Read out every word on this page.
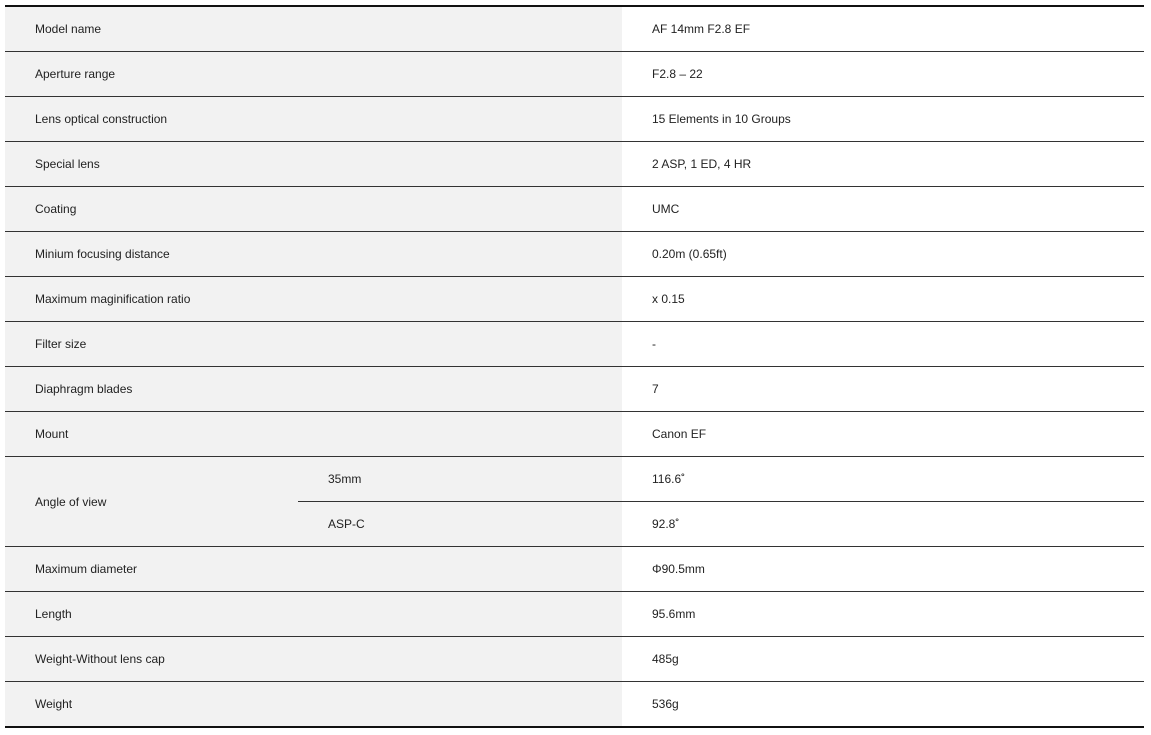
Model name	AF 14mm F2.8 EF
Aperture range	F2.8 – 22
Lens optical construction	15 Elements in 10 Groups
Special lens	2 ASP, 1 ED, 4 HR
Coating	UMC
Minium focusing distance	0.20m (0.65ft)
Maximum maginification ratio	x 0.15
Filter size	-
Diaphragm blades	7
Mount	Canon EF
Angle of view
35mm	116.6˚
ASP-C	92.8˚
Maximum diameter	Φ90.5mm
Length	95.6mm
Weight-Without lens cap	485g
Weight	536g
